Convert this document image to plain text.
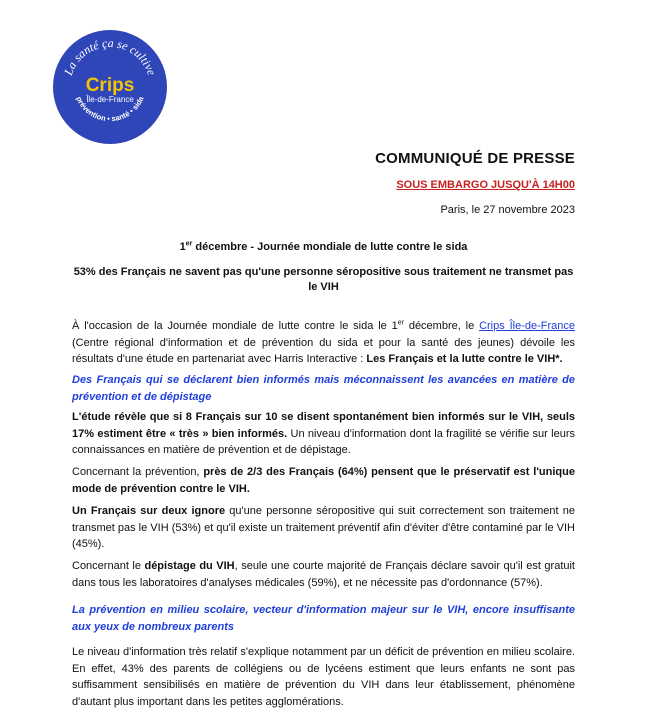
La santé ça se cultive
Crips
Île-de-France
prévention • santé • sida
COMMUNIQUÉ DE PRESSE
SOUS EMBARGO JUSQU'À 14H00
Paris, le 27 novembre 2023
1er décembre - Journée mondiale de lutte contre le sida
53% des Français ne savent pas qu'une personne séropositive sous traitement ne transmet pas le VIH
À l'occasion de la Journée mondiale de lutte contre le sida le 1er décembre, le Crips Île-de-France (Centre régional d'information et de prévention du sida et pour la santé des jeunes) dévoile les résultats d'une étude en partenariat avec Harris Interactive : Les Français et la lutte contre le VIH*.
Des Français qui se déclarent bien informés mais méconnaissent les avancées en matière de prévention et de dépistage
L'étude révèle que si 8 Français sur 10 se disent spontanément bien informés sur le VIH, seuls 17% estiment être « très » bien informés. Un niveau d'information dont la fragilité se vérifie sur leurs connaissances en matière de prévention et de dépistage.
Concernant la prévention, près de 2/3 des Français (64%) pensent que le préservatif est l'unique mode de prévention contre le VIH.
Un Français sur deux ignore qu'une personne séropositive qui suit correctement son traitement ne transmet pas le VIH (53%) et qu'il existe un traitement préventif afin d'éviter d'être contaminé par le VIH (45%).
Concernant le dépistage du VIH, seule une courte majorité de Français déclare savoir qu'il est gratuit dans tous les laboratoires d'analyses médicales (59%), et ne nécessite pas d'ordonnance (57%).
La prévention en milieu scolaire, vecteur d'information majeur sur le VIH, encore insuffisante aux yeux de nombreux parents
Le niveau d'information très relatif s'explique notamment par un déficit de prévention en milieu scolaire. En effet, 43% des parents de collégiens ou de lycéens estiment que leurs enfants ne sont pas suffisamment sensibilisés en matière de prévention du VIH dans leur établissement, phénomène d'autant plus important dans les petites agglomérations.
